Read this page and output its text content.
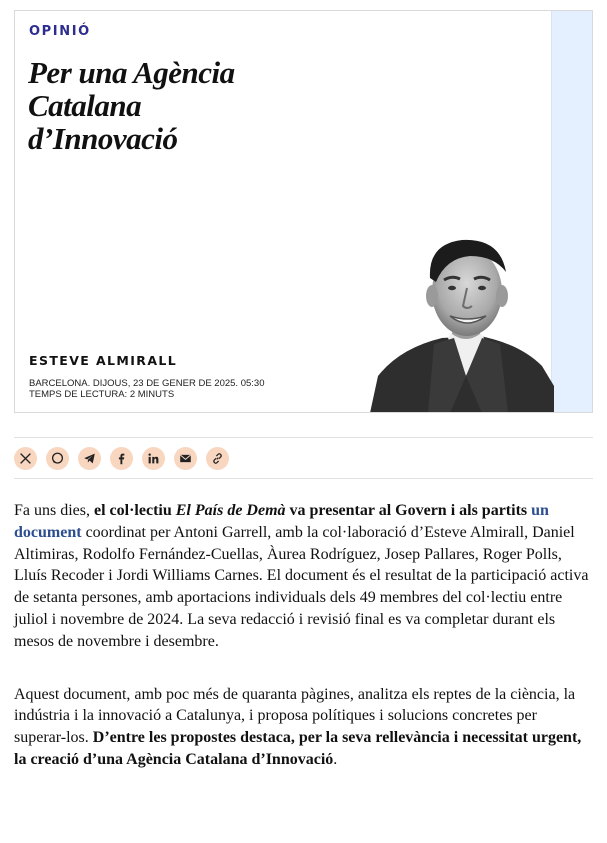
OPINIÓ
Per una Agència
Catalana
d’Innovació
ESTEVE ALMIRALL
BARCELONA. DIJOUS, 23 DE GENER DE 2025. 05:30
TEMPS DE LECTURA: 2 MINUTS

Fa uns dies, el col·lectiu El País de Demà va presentar al Govern i als partits un document coordinat per Antoni Garrell, amb la col·laboració d’Esteve Almirall, Daniel Altimiras, Rodolfo Fernández-Cuellas, Àurea Rodríguez, Josep Pallares, Roger Polls, Lluís Recoder i Jordi Williams Carnes. El document és el resultat de la participació activa de setanta persones, amb aportacions individuals dels 49 membres del col·lectiu entre juliol i novembre de 2024. La seva redacció i revisió final es va completar durant els mesos de novembre i desembre.

Aquest document, amb poc més de quaranta pàgines, analitza els reptes de la ciència, la indústria i la innovació a Catalunya, i proposa polítiques i solucions concretes per superar-los. D’entre les propostes destaca, per la seva rellevància i necessitat urgent, la creació d’una Agència Catalana d’Innovació.
